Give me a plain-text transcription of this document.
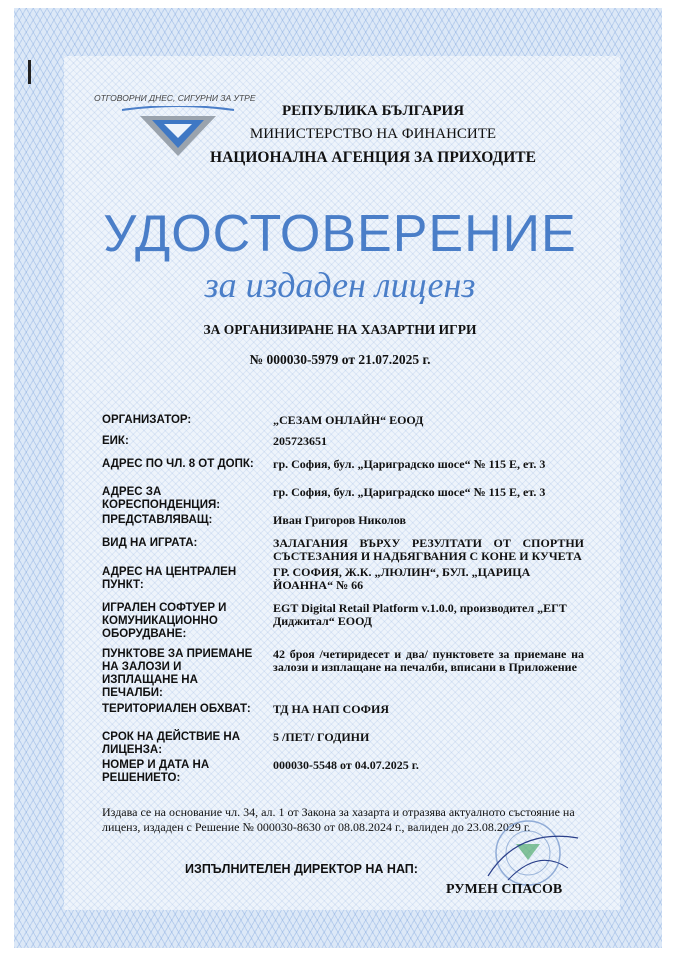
ОТГОВОРНИ ДНЕС, СИГУРНИ ЗА УТРЕ
РЕПУБЛИКА БЪЛГАРИЯ
МИНИСТЕРСТВО НА ФИНАНСИТЕ
НАЦИОНАЛНА АГЕНЦИЯ ЗА ПРИХОДИТЕ
УДОСТОВЕРЕНИЕ
за издаден лиценз
ЗА ОРГАНИЗИРАНЕ НА ХАЗАРТНИ ИГРИ
№ 000030-5979 от 21.07.2025 г.
ОРГАНИЗАТОР:	„СЕЗАМ ОНЛАЙН“ ЕООД
ЕИК:	205723651
АДРЕС ПО ЧЛ. 8 ОТ ДОПК:	гр. София, бул. „Цариградско шосе“ № 115 Е, ет. 3
АДРЕС ЗА КОРЕСПОНДЕНЦИЯ:
гр. София, бул. „Цариградско шосе“ № 115 Е, ет. 3
ПРЕДСТАВЛЯВАЩ:	Иван Григоров Николов
ВИД НА ИГРАТА:	ЗАЛАГАНИЯ ВЪРХУ РЕЗУЛТАТИ ОТ СПОРТНИ СЪСТЕЗАНИЯ И НАДБЯГВАНИЯ С КОНЕ И КУЧЕТА
АДРЕС НА ЦЕНТРАЛЕН ПУНКТ:
ГР. СОФИЯ, Ж.К. „ЛЮЛИН“, БУЛ. „ЦАРИЦА ЙОАННА“ № 66
ИГРАЛЕН СОФТУЕР И КОМУНИКАЦИОННО ОБОРУДВАНЕ:
EGT Digital Retail Platform v.1.0.0, производител „ЕГТ Диджитал“ ЕООД
ПУНКТОВЕ ЗА ПРИЕМАНЕ НА ЗАЛОЗИ И ИЗПЛАЩАНЕ НА ПЕЧАЛБИ:
42 броя /четиридесет и два/ пунктовете за приемане на залози и изплащане на печалби, вписани в Приложение
ТЕРИТОРИАЛЕН ОБХВАТ:	ТД НА НАП СОФИЯ
СРОК НА ДЕЙСТВИЕ НА ЛИЦЕНЗА:
5 /ПЕТ/ ГОДИНИ
НОМЕР И ДАТА НА РЕШЕНИЕТО:
000030-5548 от 04.07.2025 г.
Издава се на основание чл. 34, ал. 1 от Закона за хазарта и отразява актуалното състояние на лиценз, издаден с Решение № 000030-8630 от 08.08.2024 г., валиден до 23.08.2029 г.
ИЗПЪЛНИТЕЛЕН ДИРЕКТОР НА НАП:
РУМЕН СПАСОВ
